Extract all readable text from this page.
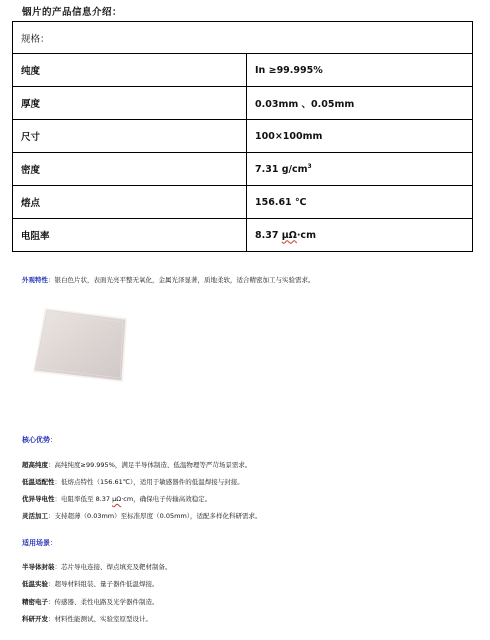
铟片的产品信息介绍：
规格：	
纯度	In ≥99.995%
厚度	0.03mm 、0.05mm
尺寸	100×100mm
密度	7.31 $g/cm^3$
熔点	156.61 ℃
电阻率	8.37 μΩ·cm
外观特性：银白色片状，表面光亮平整无氧化，金属光泽显著，质地柔软，适合精密加工与实验需求。
核心优势：
超高纯度：高纯纯度≥99.995%，满足半导体制造、低温物理等严苛场景需求。
低温适配性：低熔点特性（156.61℃），适用于敏感器件的低温焊接与封接。
优异导电性：电阻率低至 8.37 μΩ·cm，确保电子传输高效稳定。
灵活加工：支持超薄（0.03mm）至标准厚度（0.05mm），适配多样化科研需求。
适用场景：
半导体封装：芯片导电连接、焊点填充及靶材制备。
低温实验：超导材料组装、量子器件低温焊接。
精密电子：传感器、柔性电路及光学器件制造。
科研开发：材料性能测试、实验室原型设计。
